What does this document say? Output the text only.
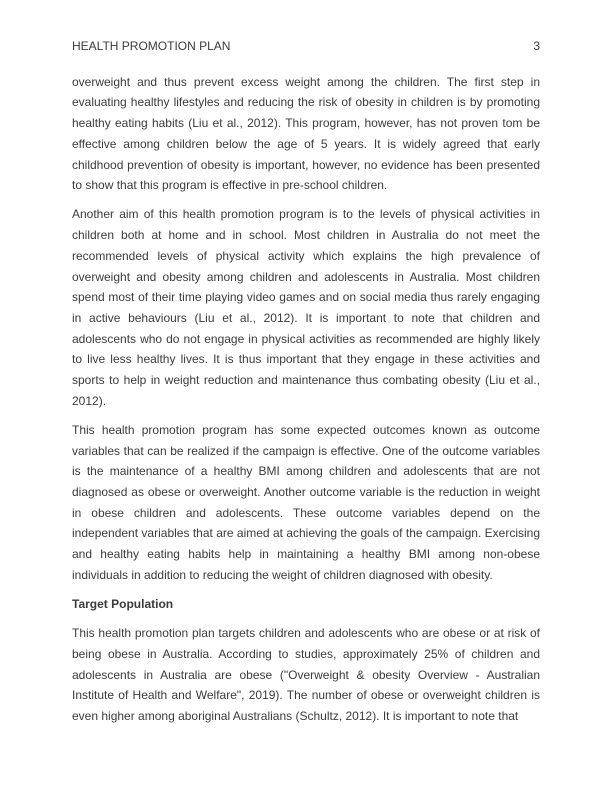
HEALTH PROMOTION PLAN	3

overweight and thus prevent excess weight among the children. The first step in evaluating healthy lifestyles and reducing the risk of obesity in children is by promoting healthy eating habits (Liu et al., 2012). This program, however, has not proven tom be effective among children below the age of 5 years. It is widely agreed that early childhood prevention of obesity is important, however, no evidence has been presented to show that this program is effective in pre-school children.

Another aim of this health promotion program is to the levels of physical activities in children both at home and in school. Most children in Australia do not meet the recommended levels of physical activity which explains the high prevalence of overweight and obesity among children and adolescents in Australia. Most children spend most of their time playing video games and on social media thus rarely engaging in active behaviours (Liu et al., 2012). It is important to note that children and adolescents who do not engage in physical activities as recommended are highly likely to live less healthy lives. It is thus important that they engage in these activities and sports to help in weight reduction and maintenance thus combating obesity (Liu et al., 2012).

This health promotion program has some expected outcomes known as outcome variables that can be realized if the campaign is effective. One of the outcome variables is the maintenance of a healthy BMI among children and adolescents that are not diagnosed as obese or overweight. Another outcome variable is the reduction in weight in obese children and adolescents. These outcome variables depend on the independent variables that are aimed at achieving the goals of the campaign. Exercising and healthy eating habits help in maintaining a healthy BMI among non-obese individuals in addition to reducing the weight of children diagnosed with obesity.

Target Population

This health promotion plan targets children and adolescents who are obese or at risk of being obese in Australia. According to studies, approximately 25% of children and adolescents in Australia are obese ("Overweight & obesity Overview - Australian Institute of Health and Welfare", 2019). The number of obese or overweight children is even higher among aboriginal Australians (Schultz, 2012). It is important to note that
